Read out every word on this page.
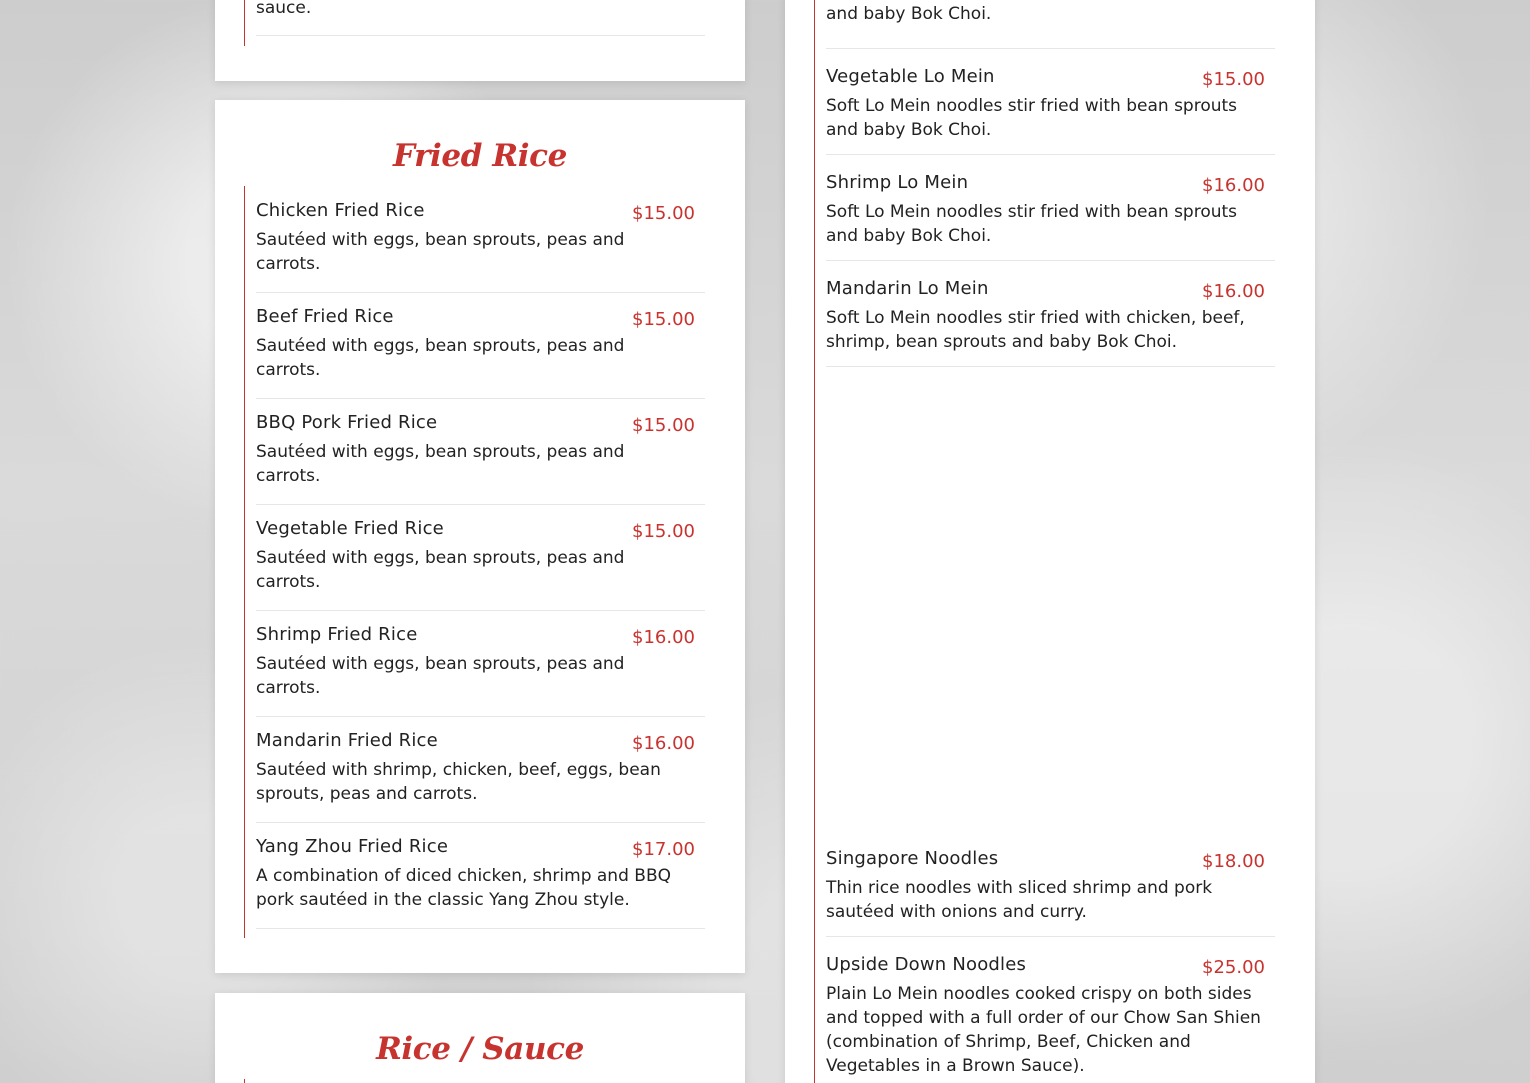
sauce.
Fried Rice
Chicken Fried Rice	$15.00
Sautéed with eggs, bean sprouts, peas and carrots.
Beef Fried Rice	$15.00
Sautéed with eggs, bean sprouts, peas and carrots.
BBQ Pork Fried Rice	$15.00
Sautéed with eggs, bean sprouts, peas and carrots.
Vegetable Fried Rice	$15.00
Sautéed with eggs, bean sprouts, peas and carrots.
Shrimp Fried Rice	$16.00
Sautéed with eggs, bean sprouts, peas and carrots.
Mandarin Fried Rice	$16.00
Sautéed with shrimp, chicken, beef, eggs, bean sprouts, peas and carrots.
Yang Zhou Fried Rice	$17.00
A combination of diced chicken, shrimp and BBQ pork sautéed in the classic Yang Zhou style.
Rice / Sauce
and baby Bok Choi.
Vegetable Lo Mein	$15.00
Soft Lo Mein noodles stir fried with bean sprouts and baby Bok Choi.
Shrimp Lo Mein	$16.00
Soft Lo Mein noodles stir fried with bean sprouts and baby Bok Choi.
Mandarin Lo Mein	$16.00
Soft Lo Mein noodles stir fried with chicken, beef, shrimp, bean sprouts and baby Bok Choi.
Singapore Noodles	$18.00
Thin rice noodles with sliced shrimp and pork sautéed with onions and curry.
Upside Down Noodles	$25.00
Plain Lo Mein noodles cooked crispy on both sides and topped with a full order of our Chow San Shien (combination of Shrimp, Beef, Chicken and Vegetables in a Brown Sauce).
